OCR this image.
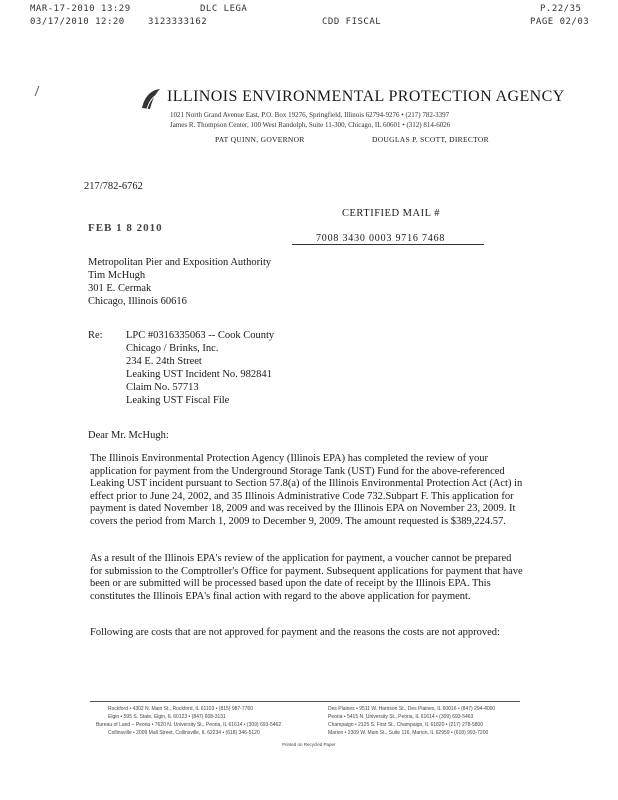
MAR-17-2010 13:29	DLC LEGA	P.22/35
03/17/2010 12:20	3123333162	CDD FISCAL	PAGE 02/03
ILLINOIS ENVIRONMENTAL PROTECTION AGENCY
1021 North Grand Avenue East, P.O. Box 19276, Springfield, Illinois 62794-9276 • (217) 782-3397
James R. Thompson Center, 100 West Randolph, Suite 11-300, Chicago, IL 60601 • (312) 814-6026
PAT QUINN, GOVERNOR	DOUGLAS P. SCOTT, DIRECTOR
217/782-6762
CERTIFIED MAIL #
7008 3430 0003 9716 7468
FEB 1 8 2010
Metropolitan Pier and Exposition Authority
Tim McHugh
301 E. Cermak
Chicago, Illinois 60616
Re: LPC #0316335063 -- Cook County
Chicago / Brinks, Inc.
234 E. 24th Street
Leaking UST Incident No. 982841
Claim No. 57713
Leaking UST Fiscal File
Dear Mr. McHugh:
The Illinois Environmental Protection Agency (Illinois EPA) has completed the review of your application for payment from the Underground Storage Tank (UST) Fund for the above-referenced Leaking UST incident pursuant to Section 57.8(a) of the Illinois Environmental Protection Act (Act) in effect prior to June 24, 2002, and 35 Illinois Administrative Code 732.Subpart F. This application for payment is dated November 18, 2009 and was received by the Illinois EPA on November 23, 2009. It covers the period from March 1, 2009 to December 9, 2009. The amount requested is $389,224.57.
As a result of the Illinois EPA's review of the application for payment, a voucher cannot be prepared for submission to the Comptroller's Office for payment. Subsequent applications for payment that have been or are submitted will be processed based upon the date of receipt by the Illinois EPA. This constitutes the Illinois EPA's final action with regard to the above application for payment.
Following are costs that are not approved for payment and the reasons the costs are not approved:
Rockford • 4302 N. Main St., Rockford, IL 61103 • (815) 987-7760
Elgin • 595 S. State, Elgin, IL 60123 • (847) 608-3131
Bureau of Land – Peoria • 7620 N. University St., Peoria, IL 61614 • (309) 693-5462
Collinsville • 2009 Mall Street, Collinsville, IL 62234 • (618) 346-5120
Des Plaines • 9511 W. Harrison St., Des Plaines, IL 60016 • (847) 294-4000
Peoria • 5415 N. University St., Peoria, IL 61614 • (309) 693-5463
Champaign • 2125 S. First St., Champaign, IL 61820 • (217) 278-5800
Marion • 2309 W. Main St., Suite 116, Marion, IL 62959 • (618) 993-7200
Printed on Recycled Paper
